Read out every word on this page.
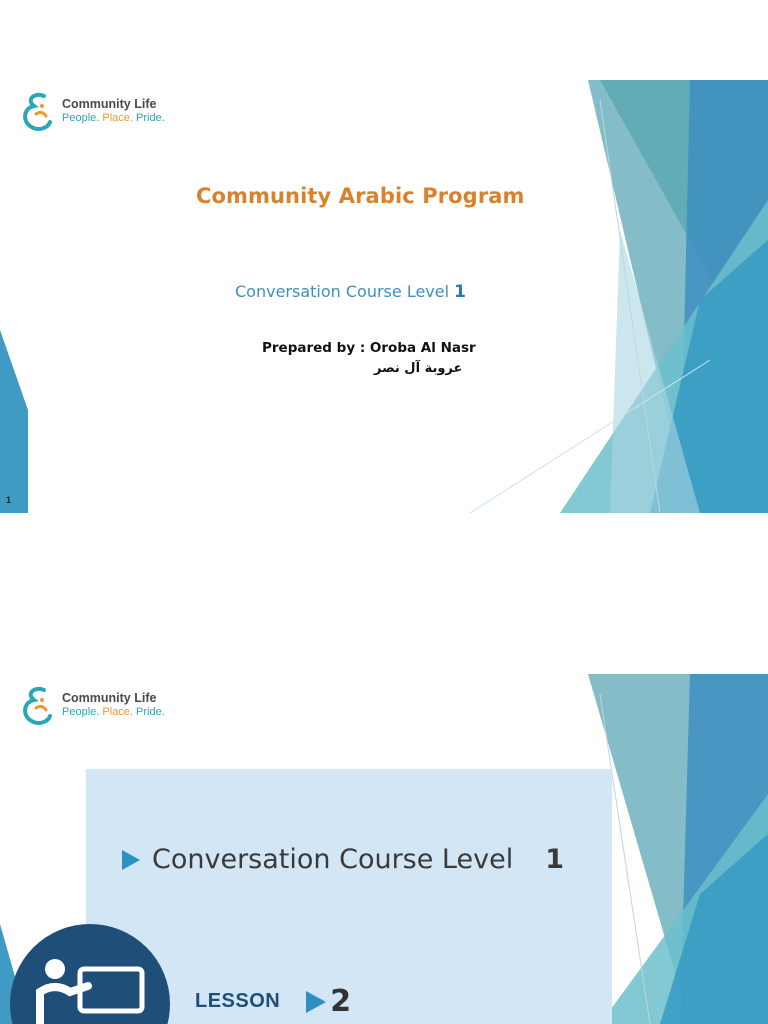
Community Life
People. Place. Pride.
Community Arabic Program
Conversation Course Level 1
Prepared by : Oroba Al Nasr
عروبة آل نصر
1
Community Life
People. Place. Pride.
Conversation Course Level 1
LESSON 2
